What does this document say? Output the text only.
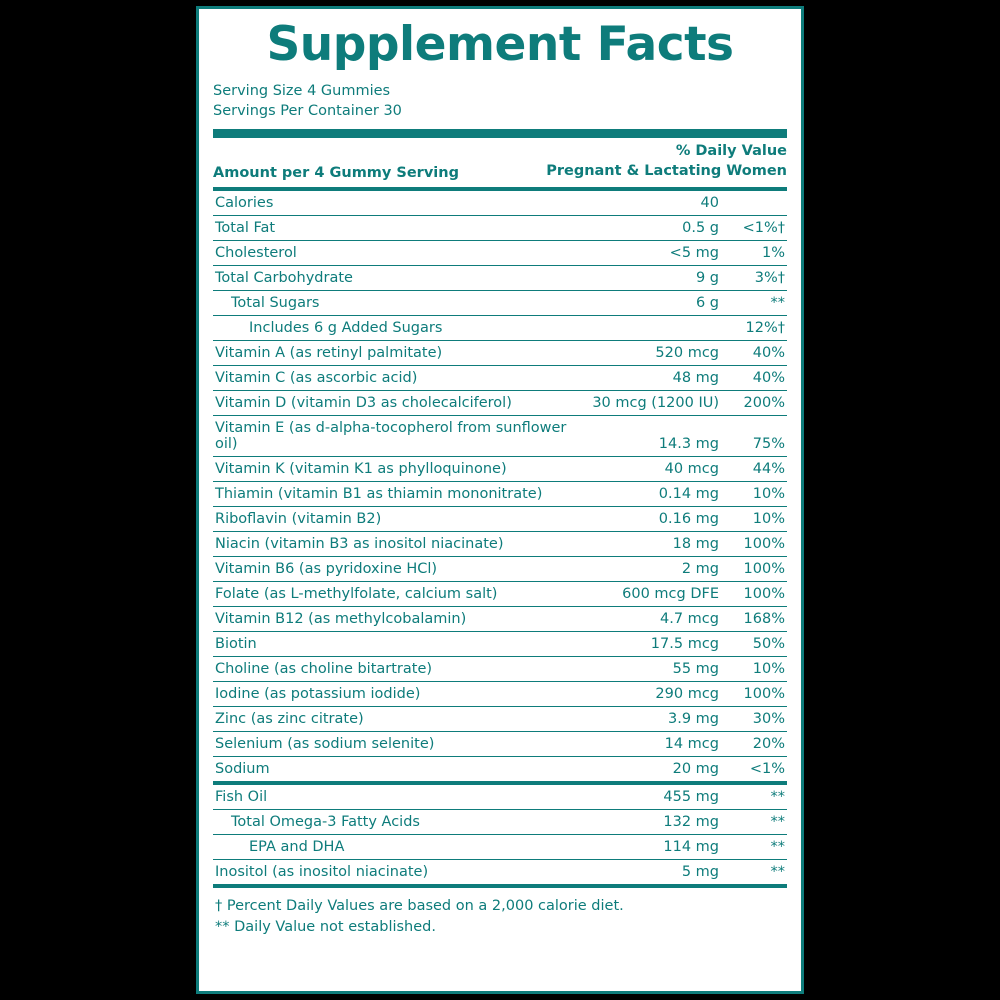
Supplement Facts
Serving Size 4 Gummies
Servings Per Container 30
Amount per 4 Gummy Serving	
% Daily Value
Pregnant & Lactating Women
Calories	40	
Total Fat	0.5 g	<1%†
Cholesterol	<5 mg	1%
Total Carbohydrate	9 g	3%†
Total Sugars	6 g	**
Includes 6 g Added Sugars		12%†
Vitamin A (as retinyl palmitate)	520 mcg	40%
Vitamin C (as ascorbic acid)	48 mg	40%
Vitamin D (vitamin D3 as cholecalciferol)	30 mcg (1200 IU)	200%
Vitamin E (as d-alpha-tocopherol from sunflower oil)	14.3 mg	75%
Vitamin K (vitamin K1 as phylloquinone)	40 mcg	44%
Thiamin (vitamin B1 as thiamin mononitrate)	0.14 mg	10%
Riboflavin (vitamin B2)	0.16 mg	10%
Niacin (vitamin B3 as inositol niacinate)	18 mg	100%
Vitamin B6 (as pyridoxine HCl)	2 mg	100%
Folate (as L-methylfolate, calcium salt)	600 mcg DFE	100%
Vitamin B12 (as methylcobalamin)	4.7 mcg	168%
Biotin	17.5 mcg	50%
Choline (as choline bitartrate)	55 mg	10%
Iodine (as potassium iodide)	290 mcg	100%
Zinc (as zinc citrate)	3.9 mg	30%
Selenium (as sodium selenite)	14 mcg	20%
Sodium	20 mg	<1%
Fish Oil	455 mg	**
Total Omega-3 Fatty Acids	132 mg	**
EPA and DHA	114 mg	**
Inositol (as inositol niacinate)	5 mg	**
† Percent Daily Values are based on a 2,000 calorie diet.
** Daily Value not established.
